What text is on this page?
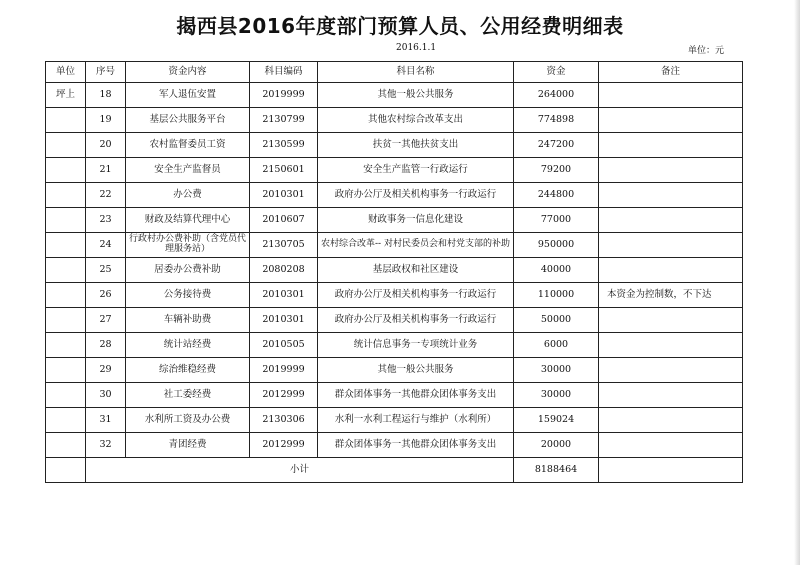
揭西县2016年度部门预算人员、公用经费明细表
2016.1.1	单位：元
单位	序号	资金内容	科目编码	科目名称	资金	备注
坪上	18	军人退伍安置	2019999	其他一般公共服务	264000	
	19	基层公共服务平台	2130799	其他农村综合改革支出	774898	
	20	农村监督委员工资	2130599	扶贫一其他扶贫支出	247200	
	21	安全生产监督员	2150601	安全生产监管一行政运行	79200	
	22	办公费	2010301	政府办公厅及相关机构事务一行政运行	244800	
	23	财政及结算代理中心	2010607	财政事务一信息化建设	77000	
	24	行政村办公费补助（含党员代理服务站）	2130705	农村综合改革-- 对村民委员会和村党支部的补助	950000	
	25	居委办公费补助	2080208	基层政权和社区建设	40000	
	26	公务接待费	2010301	政府办公厅及相关机构事务一行政运行	110000	本资金为控制数，不下达
	27	车辆补助费	2010301	政府办公厅及相关机构事务一行政运行	50000	
	28	统计站经费	2010505	统计信息事务一专项统计业务	6000	
	29	综治维稳经费	2019999	其他一般公共服务	30000	
	30	社工委经费	2012999	群众团体事务一其他群众团体事务支出	30000	
	31	水利所工资及办公费	2130306	水利一水利工程运行与维护（水利所）	159024	
	32	青团经费	2012999	群众团体事务一其他群众团体事务支出	20000	
	小计				8188464	
